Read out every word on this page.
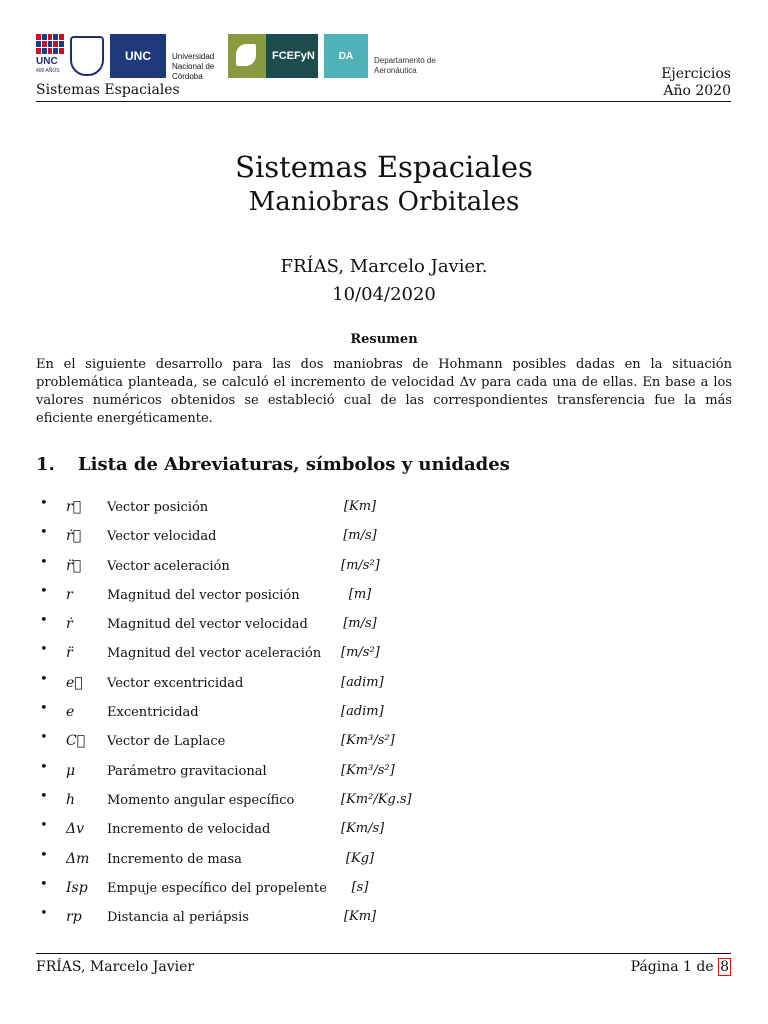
UNC
400 AÑOS
UNC	Universidad Nacional de Córdoba
FCEFyN	DA	Departamento de Aeronáutica
Sistemas Espaciales
Ejercicios
Año 2020
Sistemas Espaciales
Maniobras Orbitales
FRÍAS, Marcelo Javier.
10/04/2020
Resumen
En el siguiente desarrollo para las dos maniobras de Hohmann posibles dadas en la situación problemática planteada, se calculó el incremento de velocidad Δv para cada una de ellas. En base a los valores numéricos obtenidos se estableció cual de las correspondientes transferencia fue la más eficiente energéticamente.
1. Lista de Abreviaturas, símbolos y unidades
• r⃗ Vector posición	[Km]
• ṙ⃗ Vector velocidad	[m/s]
• r̈⃗ Vector aceleración	[m/s²]
• r	Magnitud del vector posición	[m]
• ṙ	Magnitud del vector velocidad	[m/s]
• r̈	Magnitud del vector aceleración [m/s²]
• e⃗ Vector excentricidad	[adim]
• e	Excentricidad	[adim]
• C⃗ Vector de Laplace	[Km³/s²]
• μ Parámetro gravitacional	[Km³/s²]
• h Momento angular específico	[Km²/Kg.s]
• Δv Incremento de velocidad	[Km/s]
• Δm Incremento de masa	[Kg]
• Isp Empuje específico del propelente	[s]
• rp Distancia al periápsis	[Km]
FRÍAS, Marcelo Javier	Página 1 de 8
